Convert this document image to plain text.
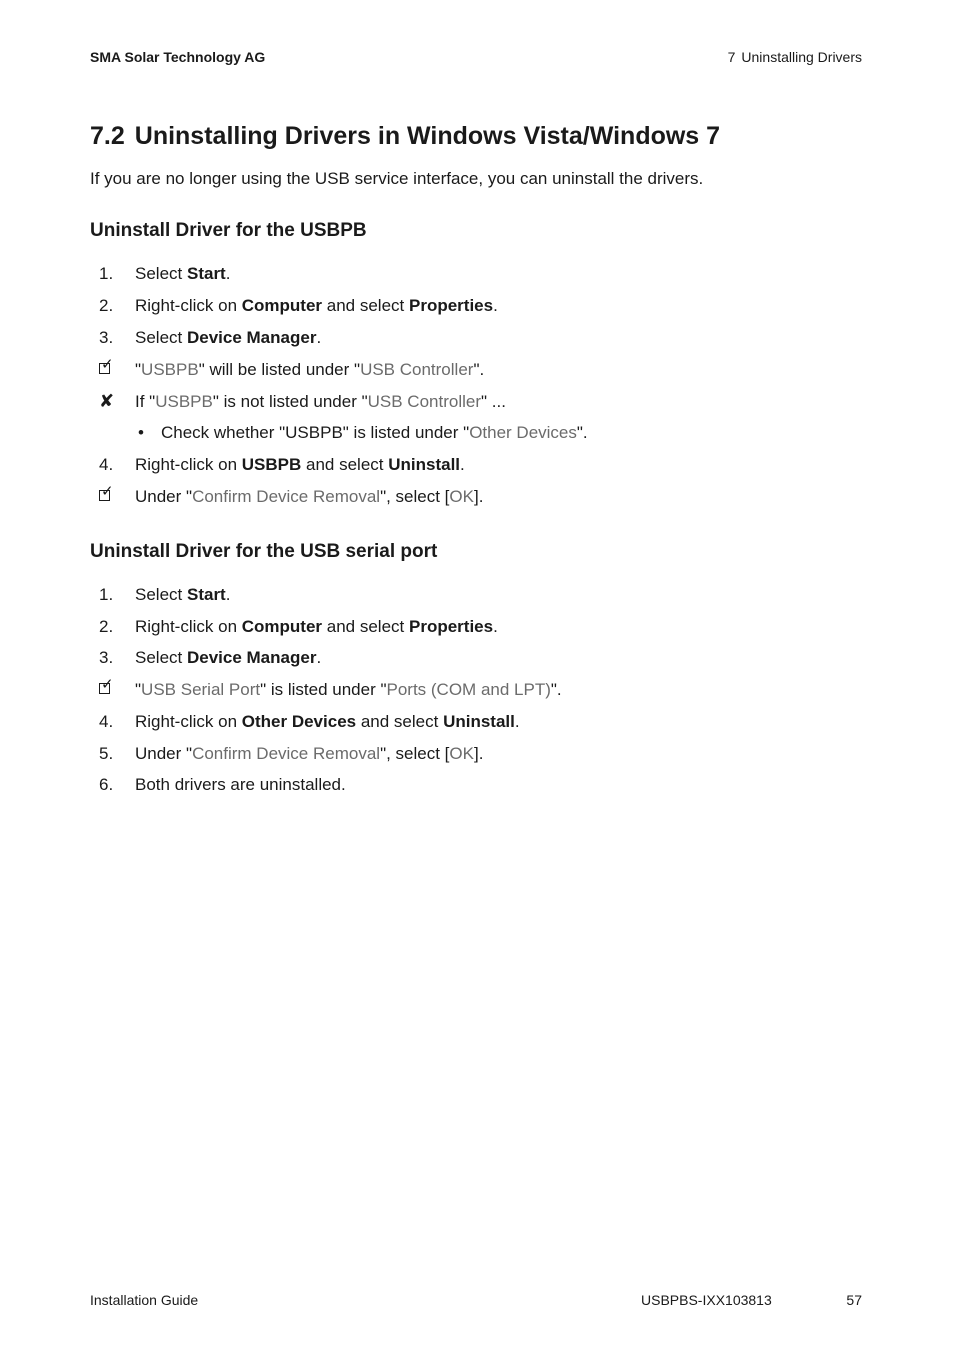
SMA Solar Technology AG	7 Uninstalling Drivers
7.2 Uninstalling Drivers in Windows Vista/Windows 7
If you are no longer using the USB service interface, you can uninstall the drivers.
Uninstall Driver for the USBPB
1. Select Start.
2. Right-click on Computer and select Properties.
3. Select Device Manager.
✓ "USBPB" will be listed under "USB Controller".
✘ If "USBPB" is not listed under "USB Controller" ...
• Check whether "USBPB" is listed under "Other Devices".
4. Right-click on USBPB and select Uninstall.
✓ Under "Confirm Device Removal", select [OK].
Uninstall Driver for the USB serial port
1. Select Start.
2. Right-click on Computer and select Properties.
3. Select Device Manager.
✓ "USB Serial Port" is listed under "Ports (COM and LPT)".
4. Right-click on Other Devices and select Uninstall.
5. Under "Confirm Device Removal", select [OK].
6. Both drivers are uninstalled.
Installation Guide	USBPBS-IXX103813	57
